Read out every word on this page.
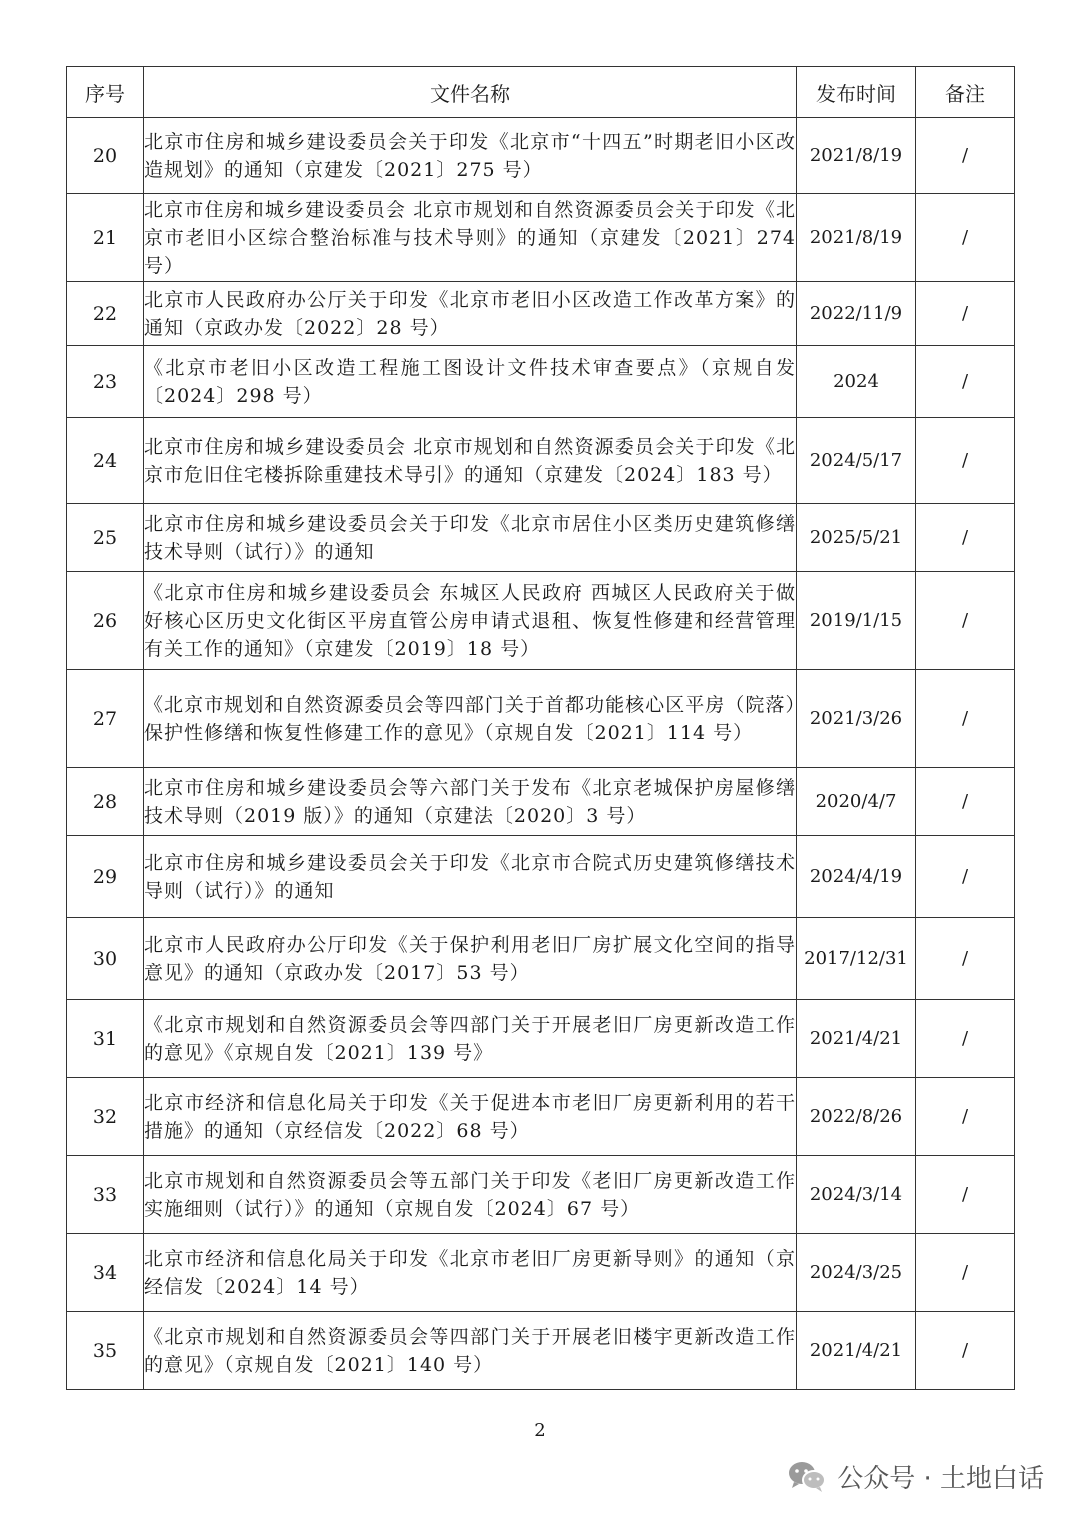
序号	文件名称	发布时间	备注
20	北京市住房和城乡建设委员会关于印发《北京市“十四五”时期老旧小区改造规划》的通知（京建发〔2021〕275 号）	2021/8/19	/
21	北京市住房和城乡建设委员会 北京市规划和自然资源委员会关于印发《北京市老旧小区综合整治标准与技术导则》的通知（京建发〔2021〕274 号）	2021/8/19	/
22	北京市人民政府办公厅关于印发《北京市老旧小区改造工作改革方案》的通知（京政办发〔2022〕28 号）	2022/11/9	/
23	《北京市老旧小区改造工程施工图设计文件技术审查要点》（京规自发〔2024〕298 号）	2024	/
24	北京市住房和城乡建设委员会 北京市规划和自然资源委员会关于印发《北京市危旧住宅楼拆除重建技术导引》的通知（京建发〔2024〕183 号）	2024/5/17	/
25	北京市住房和城乡建设委员会关于印发《北京市居住小区类历史建筑修缮技术导则（试行）》的通知	2025/5/21	/
26	《北京市住房和城乡建设委员会 东城区人民政府 西城区人民政府关于做好核心区历史文化街区平房直管公房申请式退租、恢复性修建和经营管理有关工作的通知》（京建发〔2019〕18 号）	2019/1/15	/
27	《北京市规划和自然资源委员会等四部门关于首都功能核心区平房（院落）保护性修缮和恢复性修建工作的意见》（京规自发〔2021〕114 号）	2021/3/26	/
28	北京市住房和城乡建设委员会等六部门关于发布《北京老城保护房屋修缮技术导则（2019 版）》的通知（京建法〔2020〕3 号）	2020/4/7	/
29	北京市住房和城乡建设委员会关于印发《北京市合院式历史建筑修缮技术导则（试行）》的通知	2024/4/19	/
30	北京市人民政府办公厅印发《关于保护利用老旧厂房扩展文化空间的指导意见》的通知（京政办发〔2017〕53 号）	2017/12/31	/
31	《北京市规划和自然资源委员会等四部门关于开展老旧厂房更新改造工作的意见》《京规自发〔2021〕139 号》	2021/4/21	/
32	北京市经济和信息化局关于印发《关于促进本市老旧厂房更新利用的若干措施》的通知（京经信发〔2022〕68 号）	2022/8/26	/
33	北京市规划和自然资源委员会等五部门关于印发《老旧厂房更新改造工作实施细则（试行）》的通知（京规自发〔2024〕67 号）	2024/3/14	/
34	北京市经济和信息化局关于印发《北京市老旧厂房更新导则》的通知（京经信发〔2024〕14 号）	2024/3/25	/
35	《北京市规划和自然资源委员会等四部门关于开展老旧楼宇更新改造工作的意见》（京规自发〔2021〕140 号）	2021/4/21	/
2
公众号 · 土地白话
